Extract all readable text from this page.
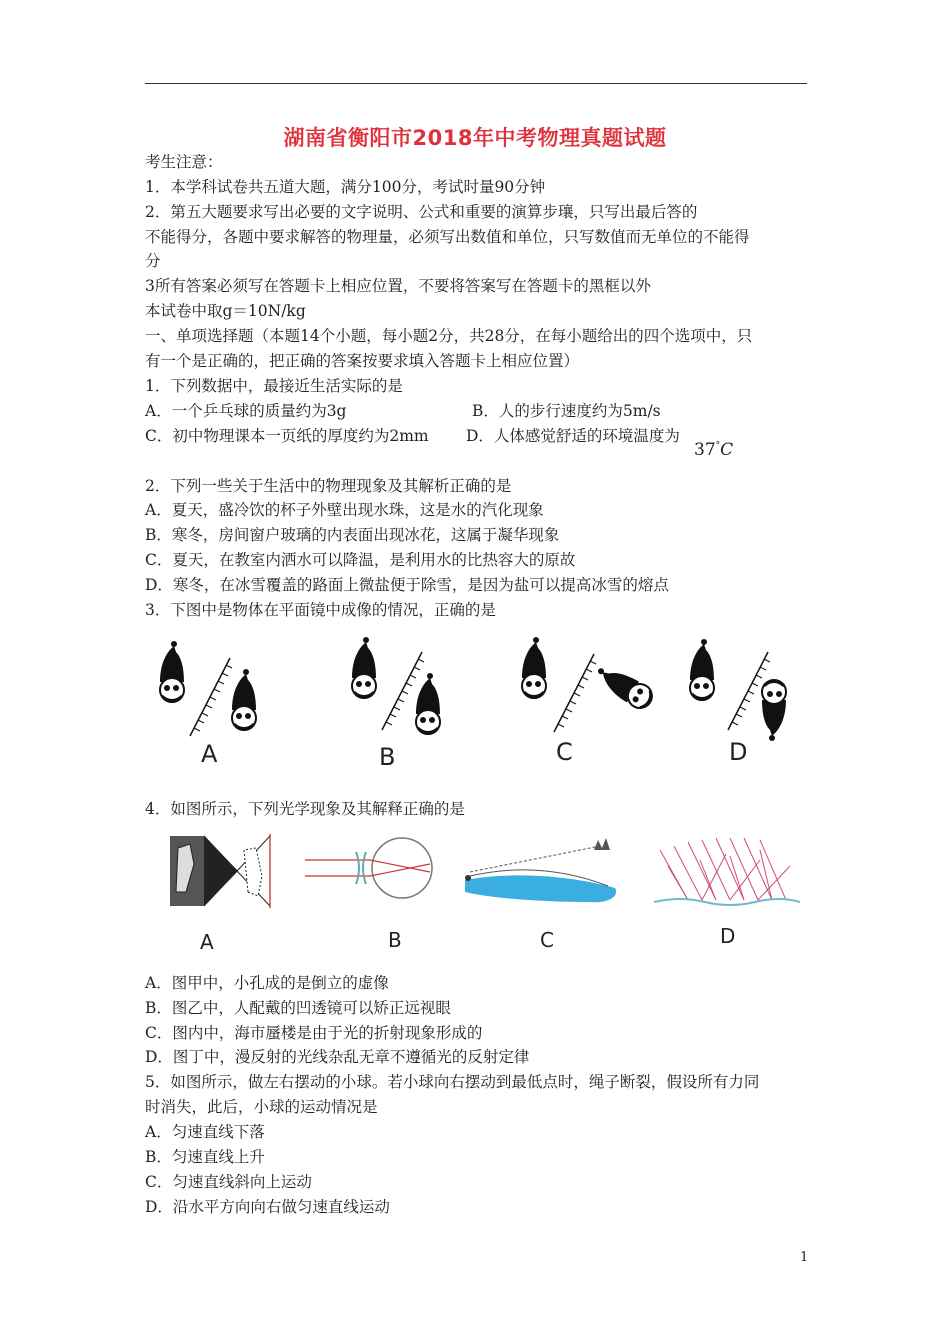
湖南省衡阳市2018年中考物理真题试题
考生注意：
1．本学科试卷共五道大题，满分100分，考试时量90分钟
2．第五大题要求写出必要的文字说明、公式和重要的演算步瓖，只写出最后答的
不能得分，各题中要求解答的物理量，必须写出数值和单位，只写数值而无单位的不能得
分
3所有答案必须写在答题卡上相应位置，不要将答案写在答题卡的黑框以外
本试卷中取g＝10N/kg
一、单项选择题（本题14个小题，每小题2分，共28分，在每小题给出的四个选项中，只
有一个是正确的，把正确的答案按要求填入答题卡上相应位置）
1．下列数据中，最接近生活实际的是
A．一个乒乓球的质量约为3g	B．人的步行速度约为5m/s
C．初中物理课本一页纸的厚度约为2mm D．人体感觉舒适的环境温度为
37°C
2．下列一些关于生活中的物理现象及其解析正确的是
A．夏天，盛冷饮的杯子外壁出现水珠，这是水的汽化现象
B．寒冬，房间窗户玻璃的内表面出现冰花，这属于凝华现象
C．夏天，在教室内洒水可以降温，是利用水的比热容大的原故
D．寒冬，在冰雪覆盖的路面上微盐便于除雪，是因为盐可以提高冰雪的熔点
3．下图中是物体在平面镜中成像的情况，正确的是
A	B	C	D
4．如图所示，下列光学现象及其解释正确的是
A	B	C	D
A．图甲中，小孔成的是倒立的虚像
B．图乙中，人配戴的凹透镜可以矫正远视眼
C．图内中，海市蜃楼是由于光的折射现象形成的
D．图丁中，漫反射的光线杂乱无章不遵循光的反射定律
5．如图所示，做左右摆动的小球。若小球向右摆动到最低点时，绳子断裂，假设所有力同
时消失，此后，小球的运动情况是
A．匀速直线下落
B．匀速直线上升
C．匀速直线斜向上运动
D．沿水平方向向右做匀速直线运动
1
